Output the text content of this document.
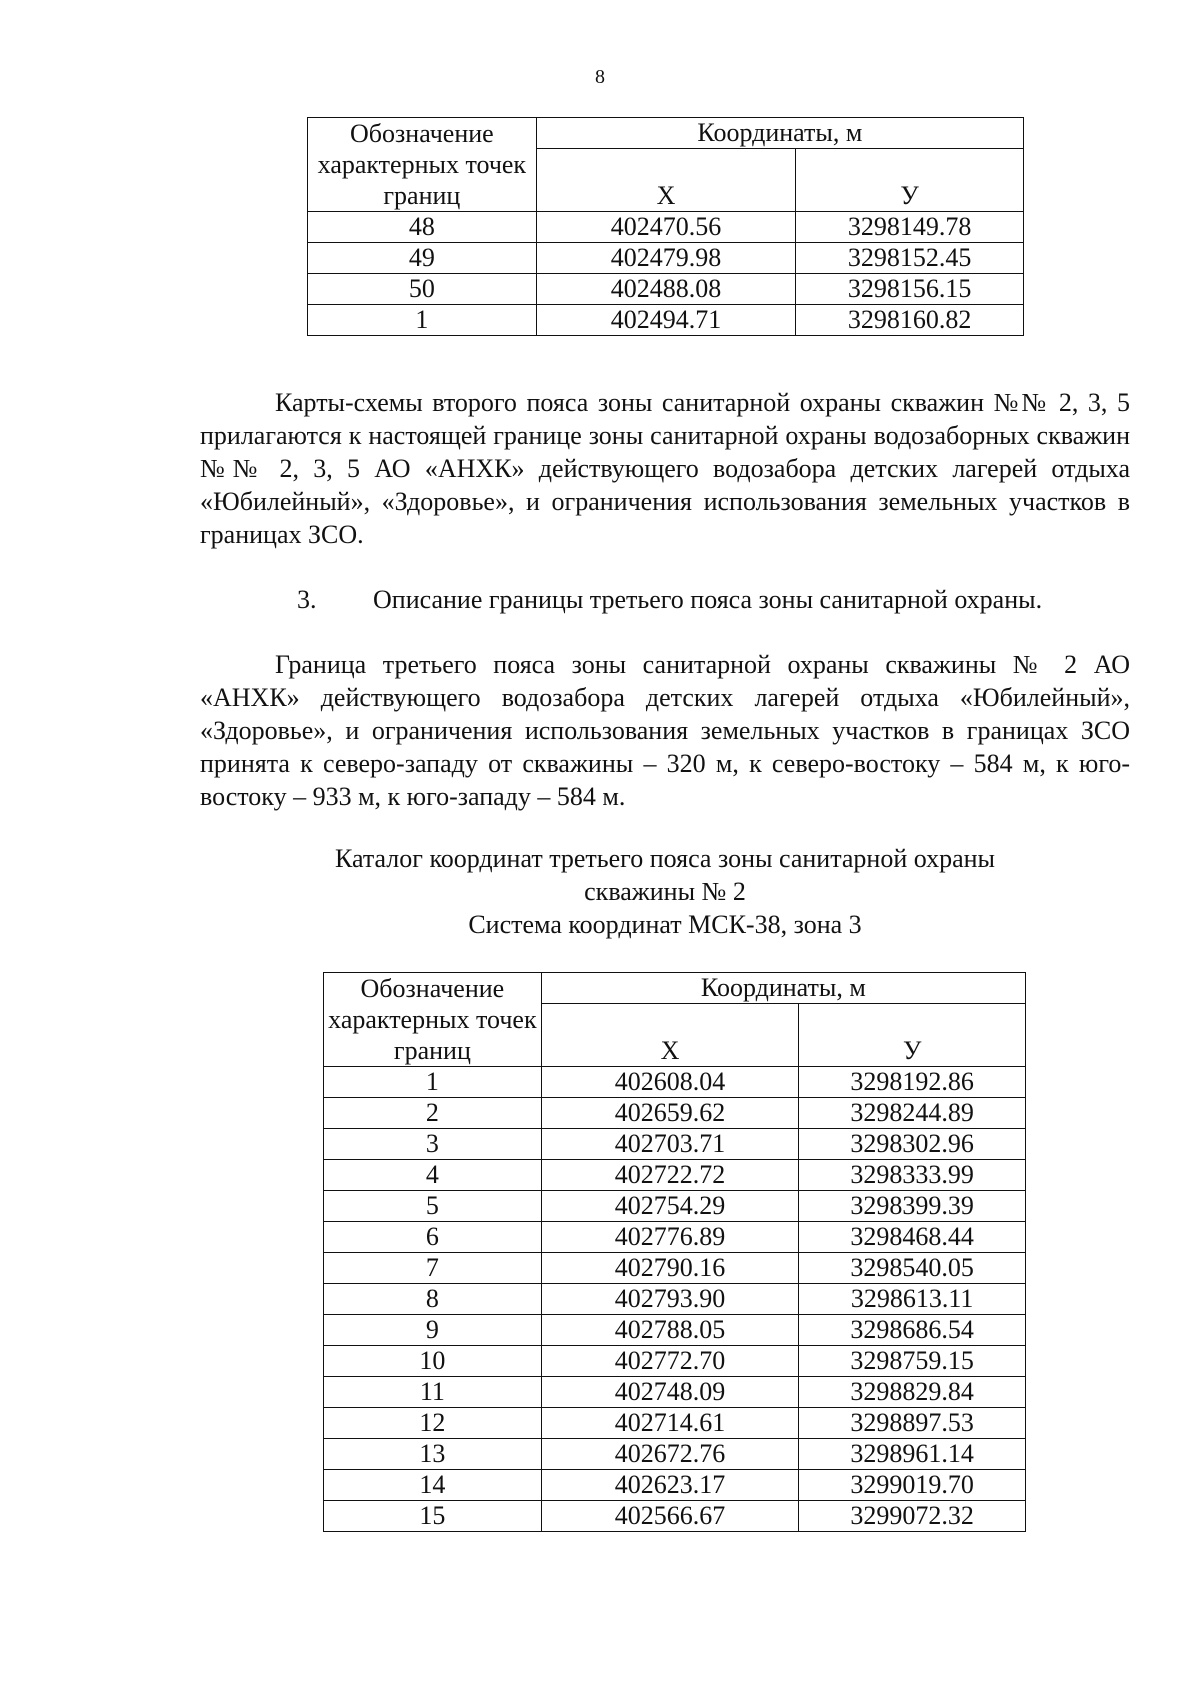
8
Обозначение характерных точек границ	Координаты, м	
	Х	У
48	402470.56	3298149.78
49	402479.98	3298152.45
50	402488.08	3298156.15
1	402494.71	3298160.82

Карты-схемы второго пояса зоны санитарной охраны скважин №№ 2, 3, 5 прилагаются к настоящей границе зоны санитарной охраны водозаборных скважин №№ 2, 3, 5 АО «АНХК» действующего водозабора детских лагерей отдыха «Юбилейный», «Здоровье», и ограничения использования земельных участков в границах ЗСО.

3. Описание границы третьего пояса зоны санитарной охраны.

Граница третьего пояса зоны санитарной охраны скважины № 2 АО «АНХК» действующего водозабора детских лагерей отдыха «Юбилейный», «Здоровье», и ограничения использования земельных участков в границах ЗСО принята к северо-западу от скважины – 320 м, к северо-востоку – 584 м, к юго-востоку – 933 м, к юго-западу – 584 м.

Каталог координат третьего пояса зоны санитарной охраны
скважины № 2
Система координат МСК-38, зона 3
Обозначение характерных точек границ	Координаты, м	
	Х	У
1	402608.04	3298192.86
2	402659.62	3298244.89
3	402703.71	3298302.96
4	402722.72	3298333.99
5	402754.29	3298399.39
6	402776.89	3298468.44
7	402790.16	3298540.05
8	402793.90	3298613.11
9	402788.05	3298686.54
10	402772.70	3298759.15
11	402748.09	3298829.84
12	402714.61	3298897.53
13	402672.76	3298961.14
14	402623.17	3299019.70
15	402566.67	3299072.32
